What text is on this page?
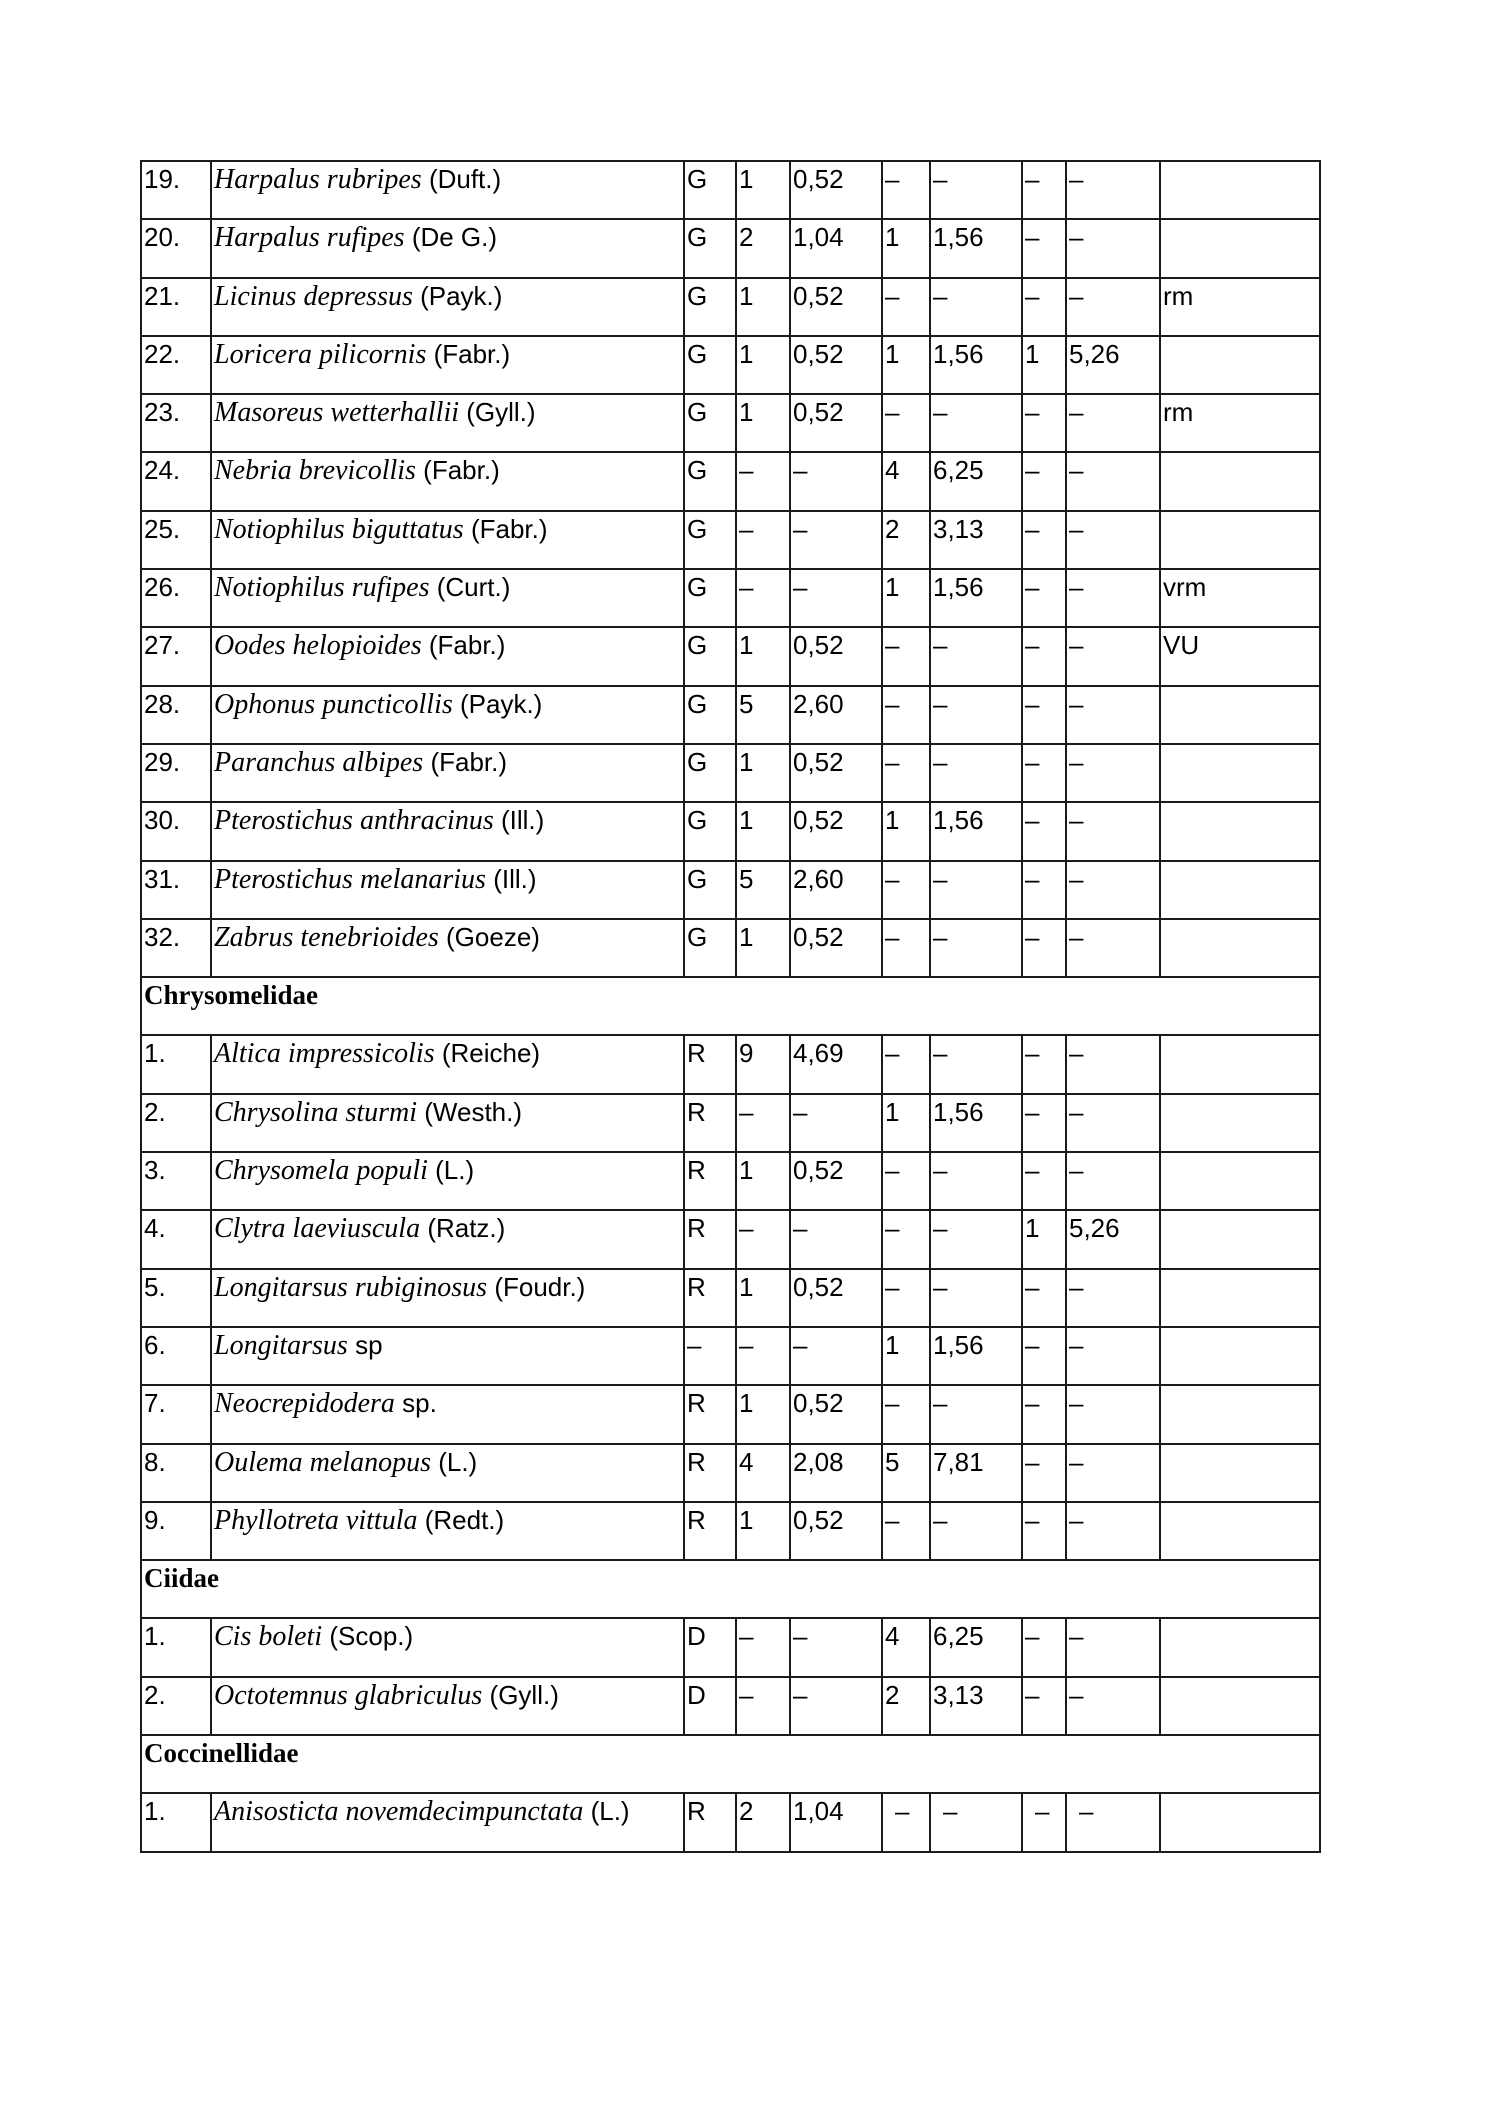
19.	Harpalus rubripes (Duft.)	G	1	0,52	–	–	–	–	

20.	Harpalus rufipes (De G.)	G	2	1,04	1	1,56	–	–	

21.	Licinus depressus (Payk.)	G	1	0,52	–	–	–	–	rm

22.	Loricera pilicornis (Fabr.)	G	1	0,52	1	1,56	1	5,26	

23.	Masoreus wetterhallii (Gyll.)	G	1	0,52	–	–	–	–	rm

24.	Nebria brevicollis (Fabr.)	G	–	–	4	6,25	–	–	

25.	Notiophilus biguttatus (Fabr.)	G	–	–	2	3,13	–	–	

26.	Notiophilus rufipes (Curt.)	G	–	–	1	1,56	–	–	vrm

27.	Oodes helopioides (Fabr.)	G	1	0,52	–	–	–	–	VU

28.	Ophonus puncticollis (Payk.)	G	5	2,60	–	–	–	–	

29.	Paranchus albipes (Fabr.)	G	1	0,52	–	–	–	–	

30.	Pterostichus anthracinus (Ill.)	G	1	0,52	1	1,56	–	–	

31.	Pterostichus melanarius (Ill.)	G	5	2,60	–	–	–	–	

32.	Zabrus tenebrioides (Goeze)	G	1	0,52	–	–	–	–	

Chrysomelidae									

1.	Altica impressicolis (Reiche)	R	9	4,69	–	–	–	–	

2.	Chrysolina sturmi (Westh.)	R	–	–	1	1,56	–	–	

3.	Chrysomela populi (L.)	R	1	0,52	–	–	–	–	

4.	Clytra laeviuscula (Ratz.)	R	–	–	–	–	1	5,26	

5.	Longitarsus rubiginosus (Foudr.)	R	1	0,52	–	–	–	–	

6.	Longitarsus sp	–	–	–	1	1,56	–	–	

7.	Neocrepidodera sp.	R	1	0,52	–	–	–	–	

8.	Oulema melanopus (L.)	R	4	2,08	5	7,81	–	–	

9.	Phyllotreta vittula (Redt.)	R	1	0,52	–	–	–	–	

Ciidae									

1.	Cis boleti (Scop.)	D	–	–	4	6,25	–	–	

2.	Octotemnus glabriculus (Gyll.)	D	–	–	2	3,13	–	–	

Coccinellidae									

1.	Anisosticta novemdecimpunctata (L.)	R	2	1,04	–	–	–	–	
